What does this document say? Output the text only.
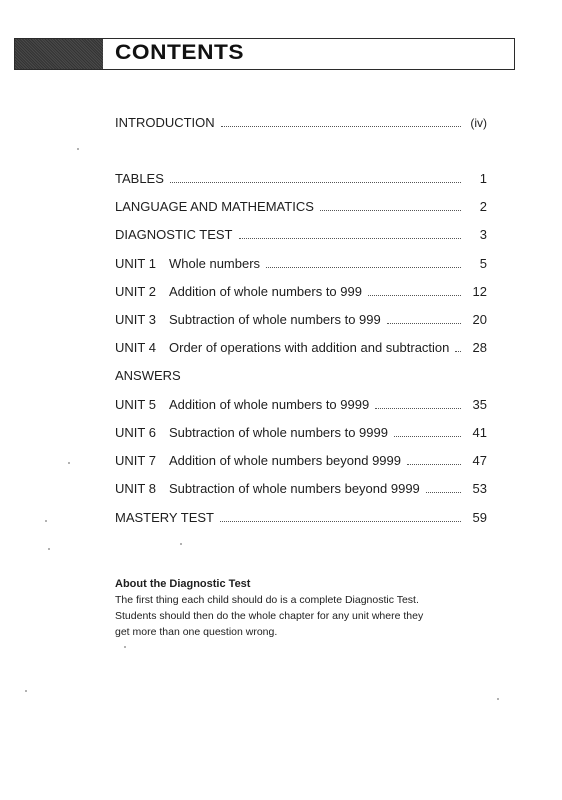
CONTENTS
INTRODUCTION	(iv)
TABLES	1
LANGUAGE AND MATHEMATICS	2
DIAGNOSTIC TEST	3
UNIT 1	Whole numbers	5
UNIT 2	Addition of whole numbers to 999	12
UNIT 3	Subtraction of whole numbers to 999	20
UNIT 4	Order of operations with addition and subtraction 28
ANSWERS
UNIT 5	Addition of whole numbers to 9999	35
UNIT 6	Subtraction of whole numbers to 9999	41
UNIT 7	Addition of whole numbers beyond 9999	47
UNIT 8	Subtraction of whole numbers beyond 9999	53
MASTERY TEST	59
About the Diagnostic Test
The first thing each child should do is a complete Diagnostic Test.
Students should then do the whole chapter for any unit where they
get more than one question wrong.
